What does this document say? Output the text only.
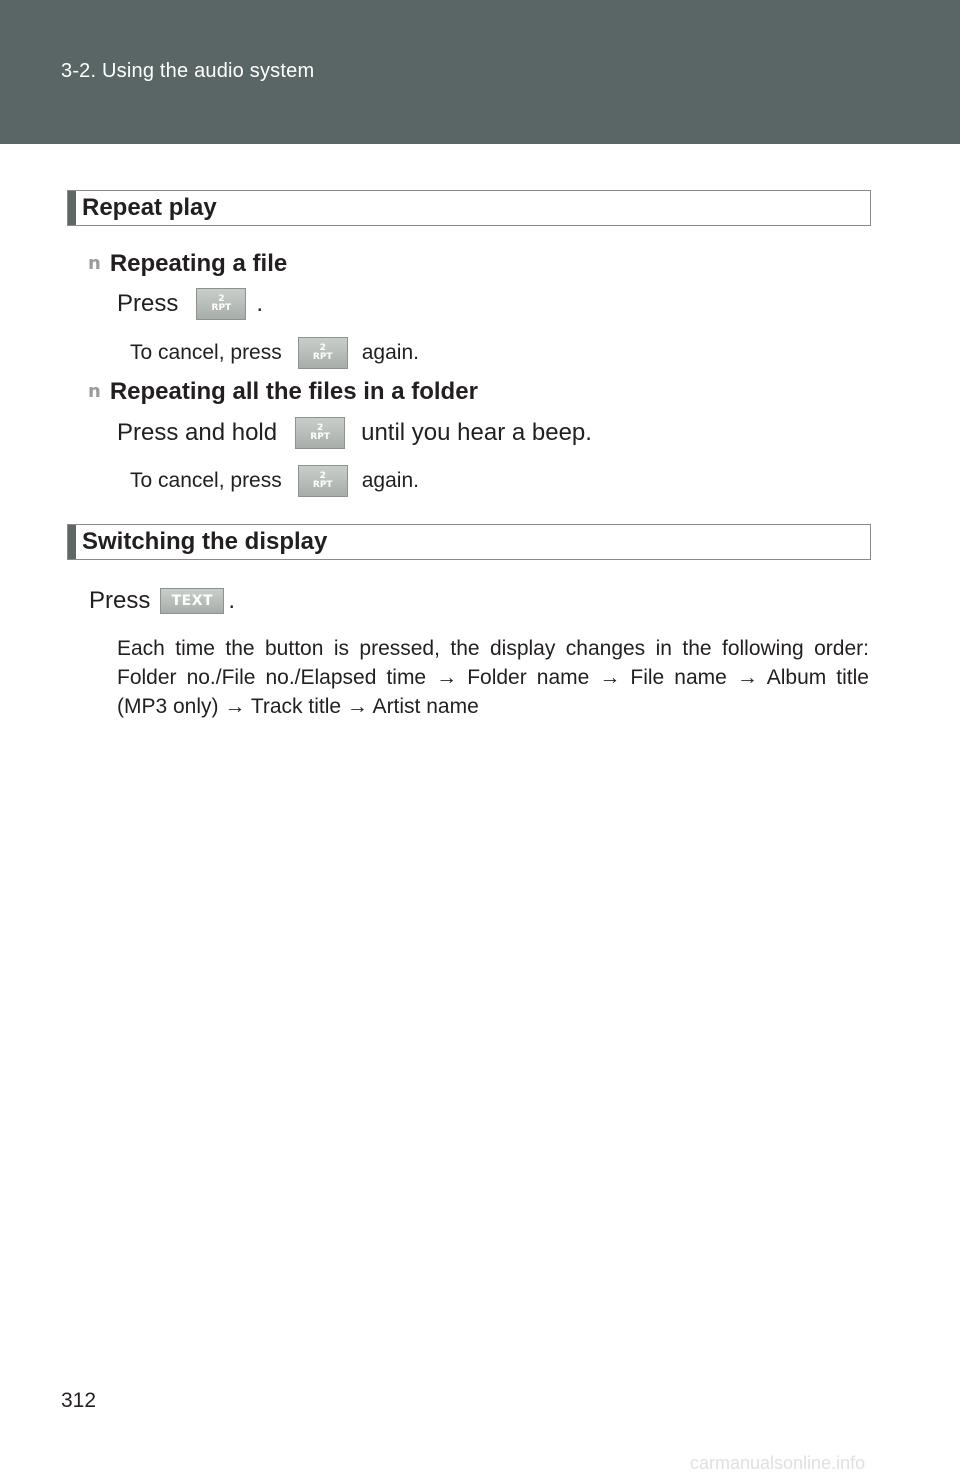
3-2. Using the audio system
Repeat play
n Repeating a file
Press	2
RPT .
To cancel, press	2
RPT again.
n Repeating all the files in a folder
Press and hold	2
RPT until you hear a beep.
To cancel, press	2
RPT again.
Switching the display
Press	TEXT .
Each time the button is pressed, the display changes in the following order: Folder no./File no./Elapsed time → Folder name → File name → Album title (MP3 only) → Track title → Artist name
312
carmanualsonline.info
